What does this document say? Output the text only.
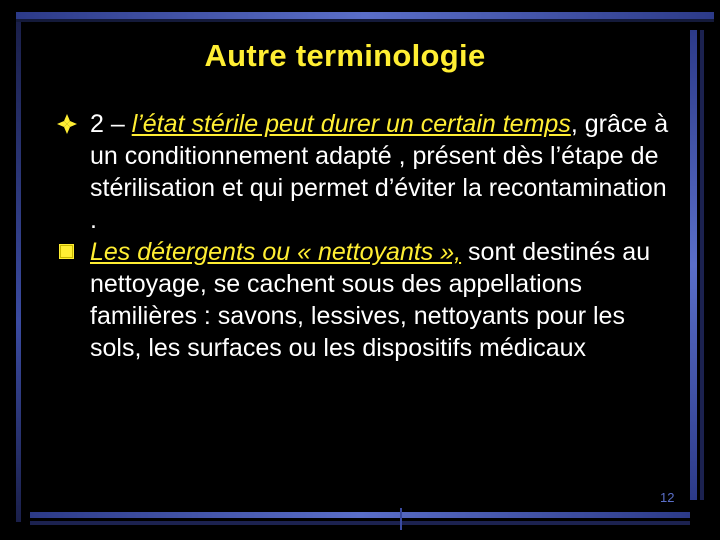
Autre terminologie
2 – l’état stérile peut durer un certain temps, grâce à un conditionnement adapté , présent dès l’étape de stérilisation et qui permet d’éviter la recontamination .
Les détergents ou « nettoyants », sont destinés au nettoyage, se cachent sous des appellations familières : savons, lessives, nettoyants pour les sols, les surfaces ou les dispositifs médicaux
12
